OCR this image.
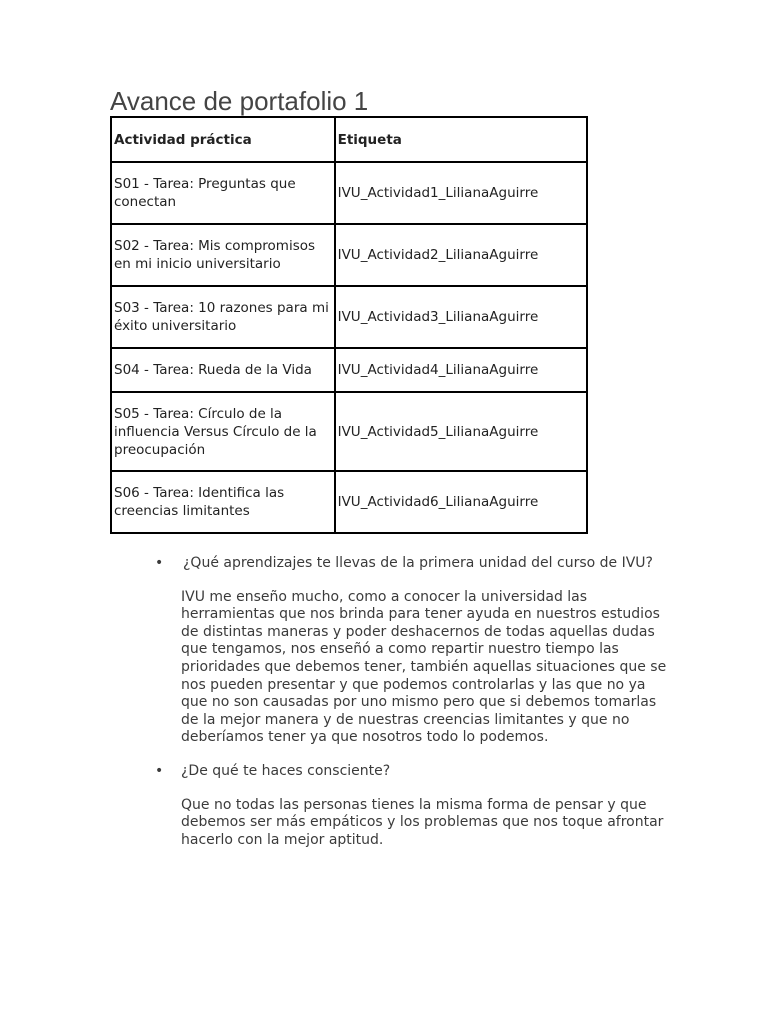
Avance de portafolio 1
Actividad práctica	Etiqueta
S01 - Tarea: Preguntas que conectan	IVU_Actividad1_LilianaAguirre
S02 - Tarea: Mis compromisos en mi inicio universitario	IVU_Actividad2_LilianaAguirre
S03 - Tarea: 10 razones para mi éxito universitario	IVU_Actividad3_LilianaAguirre
S04 - Tarea: Rueda de la Vida	IVU_Actividad4_LilianaAguirre
S05 - Tarea: Círculo de la influencia Versus Círculo de la preocupación	IVU_Actividad5_LilianaAguirre
S06 - Tarea: Identifica las creencias limitantes	IVU_Actividad6_LilianaAguirre
• ¿Qué aprendizajes te llevas de la primera unidad del curso de IVU?
IVU me enseño mucho, como a conocer la universidad las herramientas que nos brinda para tener ayuda en nuestros estudios de distintas maneras y poder deshacernos de todas aquellas dudas que tengamos, nos enseñó a como repartir nuestro tiempo las prioridades que debemos tener, también aquellas situaciones que se nos pueden presentar y que podemos controlarlas y las que no ya que no son causadas por uno mismo pero que si debemos tomarlas de la mejor manera y de nuestras creencias limitantes y que no deberíamos tener ya que nosotros todo lo podemos.
• ¿De qué te haces consciente?
Que no todas las personas tienes la misma forma de pensar y que debemos ser más empáticos y los problemas que nos toque afrontar hacerlo con la mejor aptitud.
